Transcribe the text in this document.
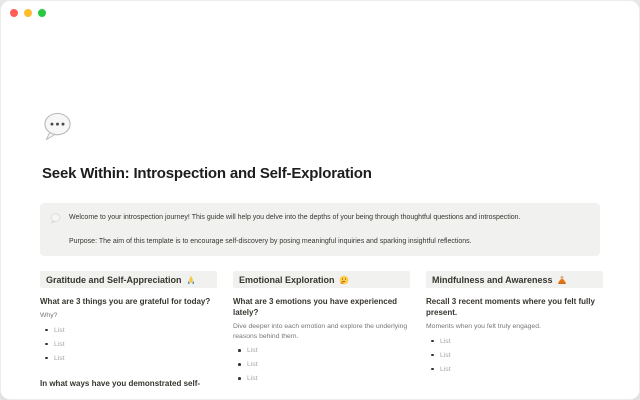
Seek Within: Introspection and Self-Exploration

Welcome to your introspection journey! This guide will help you delve into the depths of your being through thoughtful questions and introspection.

Purpose: The aim of this template is to encourage self-discovery by posing meaningful inquiries and sparking insightful reflections.

Gratitude and Self-Appreciation

What are 3 things you are grateful for today?

Why?

List
List
List

In what ways have you demonstrated self-

Emotional Exploration

What are 3 emotions you have experienced lately?

Dive deeper into each emotion and explore the underlying reasons behind them.

List
List
List
Mindfulness and Awareness

Recall 3 recent moments where you felt fully present.

Moments when you felt truly engaged.

List
List
List
